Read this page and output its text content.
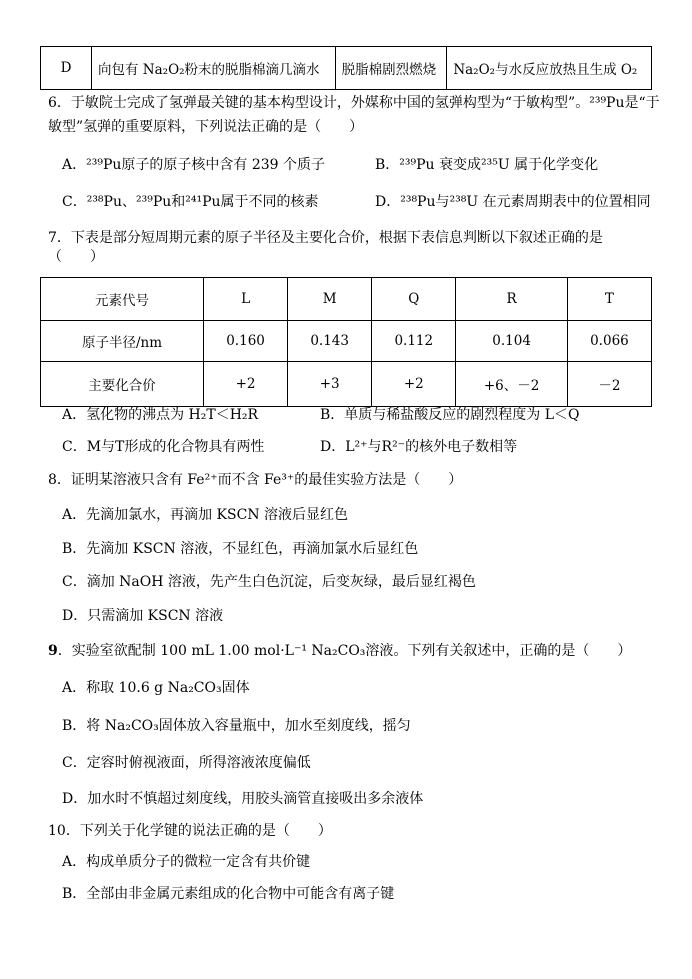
D	向包有 Na₂O₂粉末的脱脂棉滴几滴水	脱脂棉剧烈燃烧	Na₂O₂与水反应放热且生成 O₂
6．于敏院士完成了氢弹最关键的基本构型设计，外媒称中国的氢弹构型为“于敏构型”。²³⁹Pu是“于
敏型”氢弹的重要原料，下列说法正确的是（　　）
A．²³⁹Pu原子的原子核中含有 239 个质子	B．²³⁹Pu 衰变成²³⁵U 属于化学变化
C．²³⁸Pu、²³⁹Pu和²⁴¹Pu属于不同的核素	D．²³⁸Pu与²³⁸U 在元素周期表中的位置相同
7．下表是部分短周期元素的原子半径及主要化合价，根据下表信息判断以下叙述正确的是
（　　）
元素代号	L	M	Q	R	T
原子半径/nm	0.160	0.143	0.112	0.104	0.066
主要化合价	+2	+3	+2	+6、－2	－2
A．氢化物的沸点为 H₂T＜H₂R	B．单质与稀盐酸反应的剧烈程度为 L＜Q
C．M与T形成的化合物具有两性	D．L²⁺与R²⁻的核外电子数相等
8．证明某溶液只含有 Fe²⁺而不含 Fe³⁺的最佳实验方法是（　　）
A．先滴加氯水，再滴加 KSCN 溶液后显红色
B．先滴加 KSCN 溶液，不显红色，再滴加氯水后显红色
C．滴加 NaOH 溶液，先产生白色沉淀，后变灰绿，最后显红褐色
D．只需滴加 KSCN 溶液
9．实验室欲配制 100 mL 1.00 mol·L⁻¹ Na₂CO₃溶液。下列有关叙述中，正确的是（　　）
A．称取 10.6 g Na₂CO₃固体
B．将 Na₂CO₃固体放入容量瓶中，加水至刻度线，摇匀
C．定容时俯视液面，所得溶液浓度偏低
D．加水时不慎超过刻度线，用胶头滴管直接吸出多余液体
10．下列关于化学键的说法正确的是（　　）
A．构成单质分子的微粒一定含有共价键
B．全部由非金属元素组成的化合物中可能含有离子键
